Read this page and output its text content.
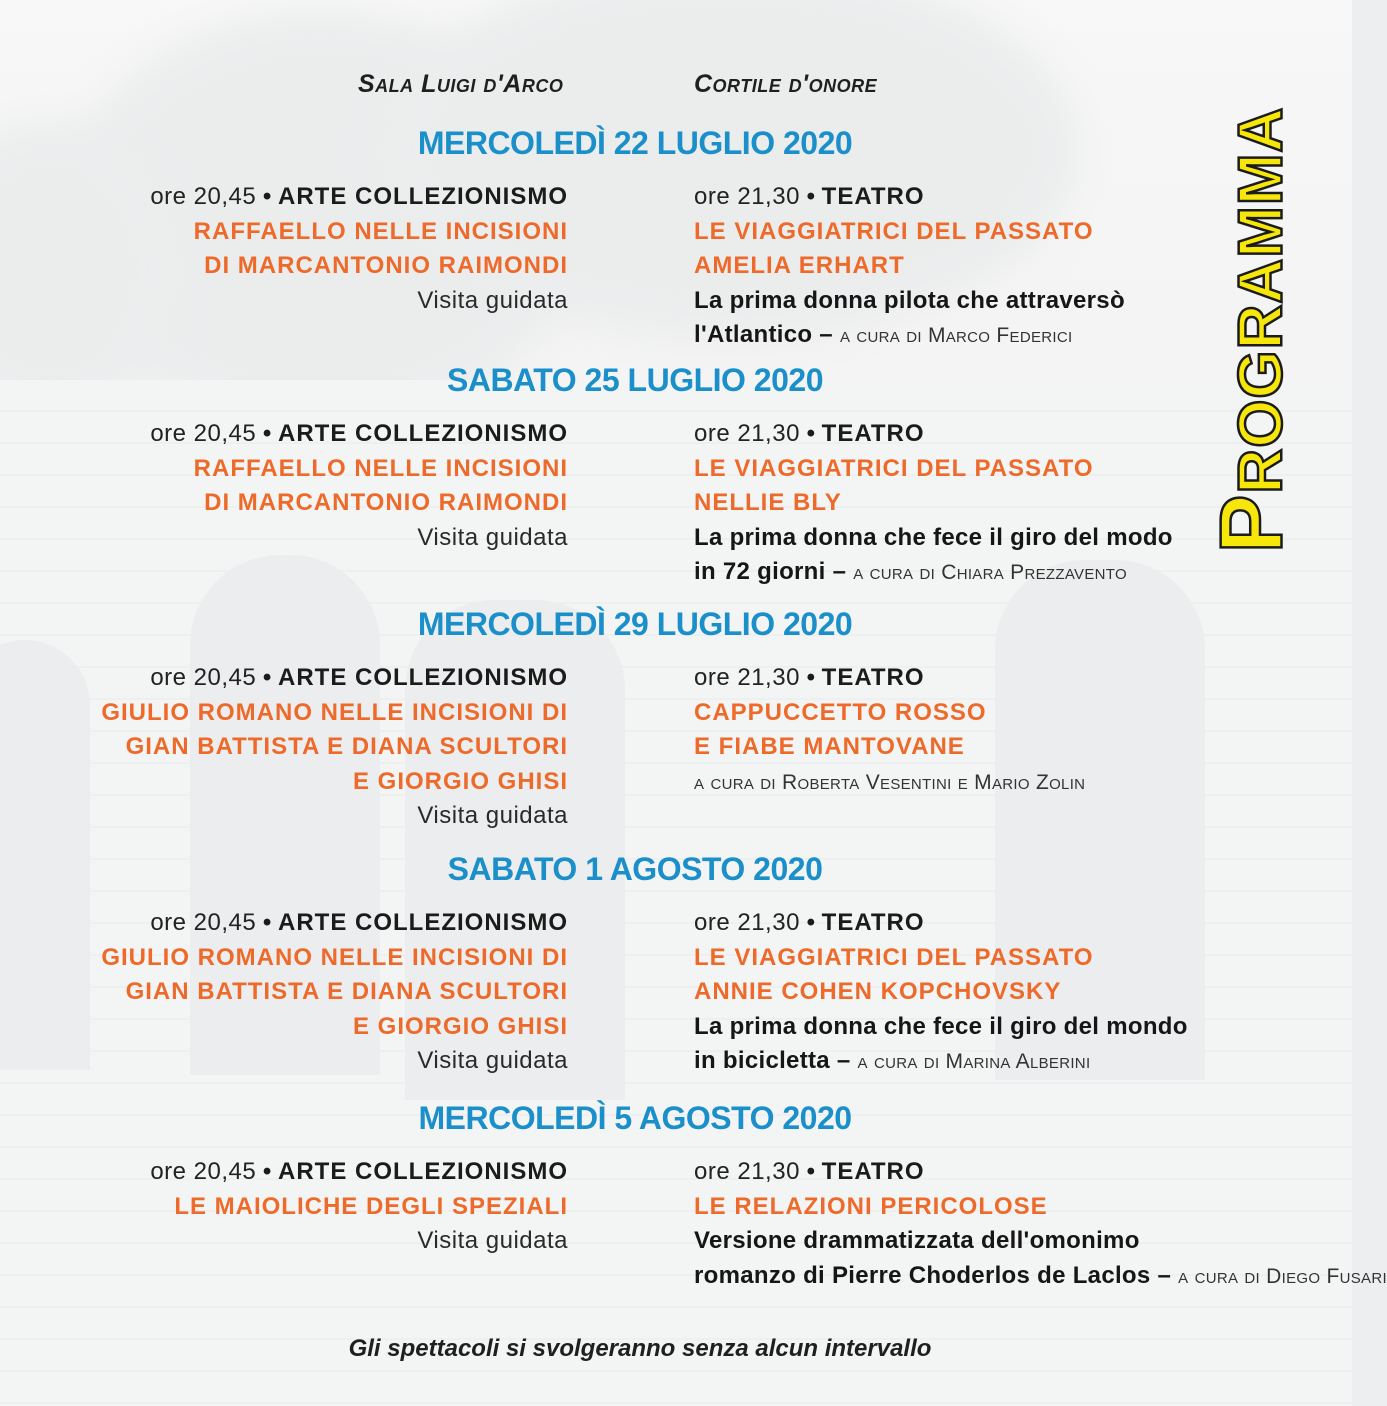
Programma
Sala Luigi d'Arco	Cortile d'onore
MERCOLEDÌ 22 LUGLIO 2020
ore 20,45 • ARTE COLLEZIONISMO
RAFFAELLO NELLE INCISIONI
DI MARCANTONIO RAIMONDI
Visita guidata
ore 21,30 • TEATRO
LE VIAGGIATRICI DEL PASSATO
AMELIA ERHART
La prima donna pilota che attraversò
l'Atlantico – a cura di Marco Federici
SABATO 25 LUGLIO 2020
ore 20,45 • ARTE COLLEZIONISMO
RAFFAELLO NELLE INCISIONI
DI MARCANTONIO RAIMONDI
Visita guidata
ore 21,30 • TEATRO
LE VIAGGIATRICI DEL PASSATO
NELLIE BLY
La prima donna che fece il giro del modo
in 72 giorni – a cura di Chiara Prezzavento
MERCOLEDÌ 29 LUGLIO 2020
ore 20,45 • ARTE COLLEZIONISMO
GIULIO ROMANO NELLE INCISIONI DI
GIAN BATTISTA E DIANA SCULTORI
E GIORGIO GHISI
Visita guidata
ore 21,30 • TEATRO
CAPPUCCETTO ROSSO
E FIABE MANTOVANE
a cura di Roberta Vesentini e Mario Zolin
SABATO 1 AGOSTO 2020
ore 20,45 • ARTE COLLEZIONISMO
GIULIO ROMANO NELLE INCISIONI DI
GIAN BATTISTA E DIANA SCULTORI
E GIORGIO GHISI
Visita guidata
ore 21,30 • TEATRO
LE VIAGGIATRICI DEL PASSATO
ANNIE COHEN KOPCHOVSKY
La prima donna che fece il giro del mondo
in bicicletta – a cura di Marina Alberini
MERCOLEDÌ 5 AGOSTO 2020
ore 20,45 • ARTE COLLEZIONISMO
LE MAIOLICHE DEGLI SPEZIALI
Visita guidata
ore 21,30 • TEATRO
LE RELAZIONI PERICOLOSE
Versione drammatizzata dell'omonimo
romanzo di Pierre Choderlos de Laclos – a cura di Diego Fusari
Gli spettacoli si svolgeranno senza alcun intervallo
